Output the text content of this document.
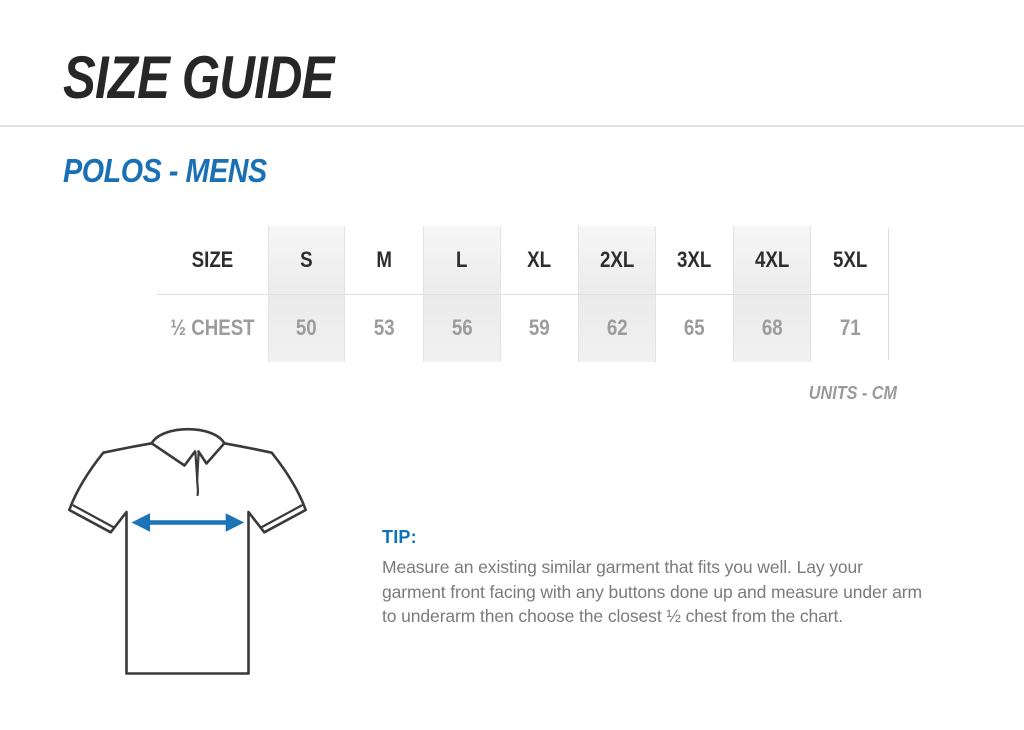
SIZE GUIDE
POLOS - MENS
SIZE
½ CHEST
S
50
M
53
L
56
XL
59
2XL
62
3XL
65
4XL
68
5XL
71
UNITS - CM
TIP:

Measure an existing similar garment that fits you well. Lay your garment front facing with any buttons done up and measure under arm to underarm then choose the closest ½ chest from the chart.
